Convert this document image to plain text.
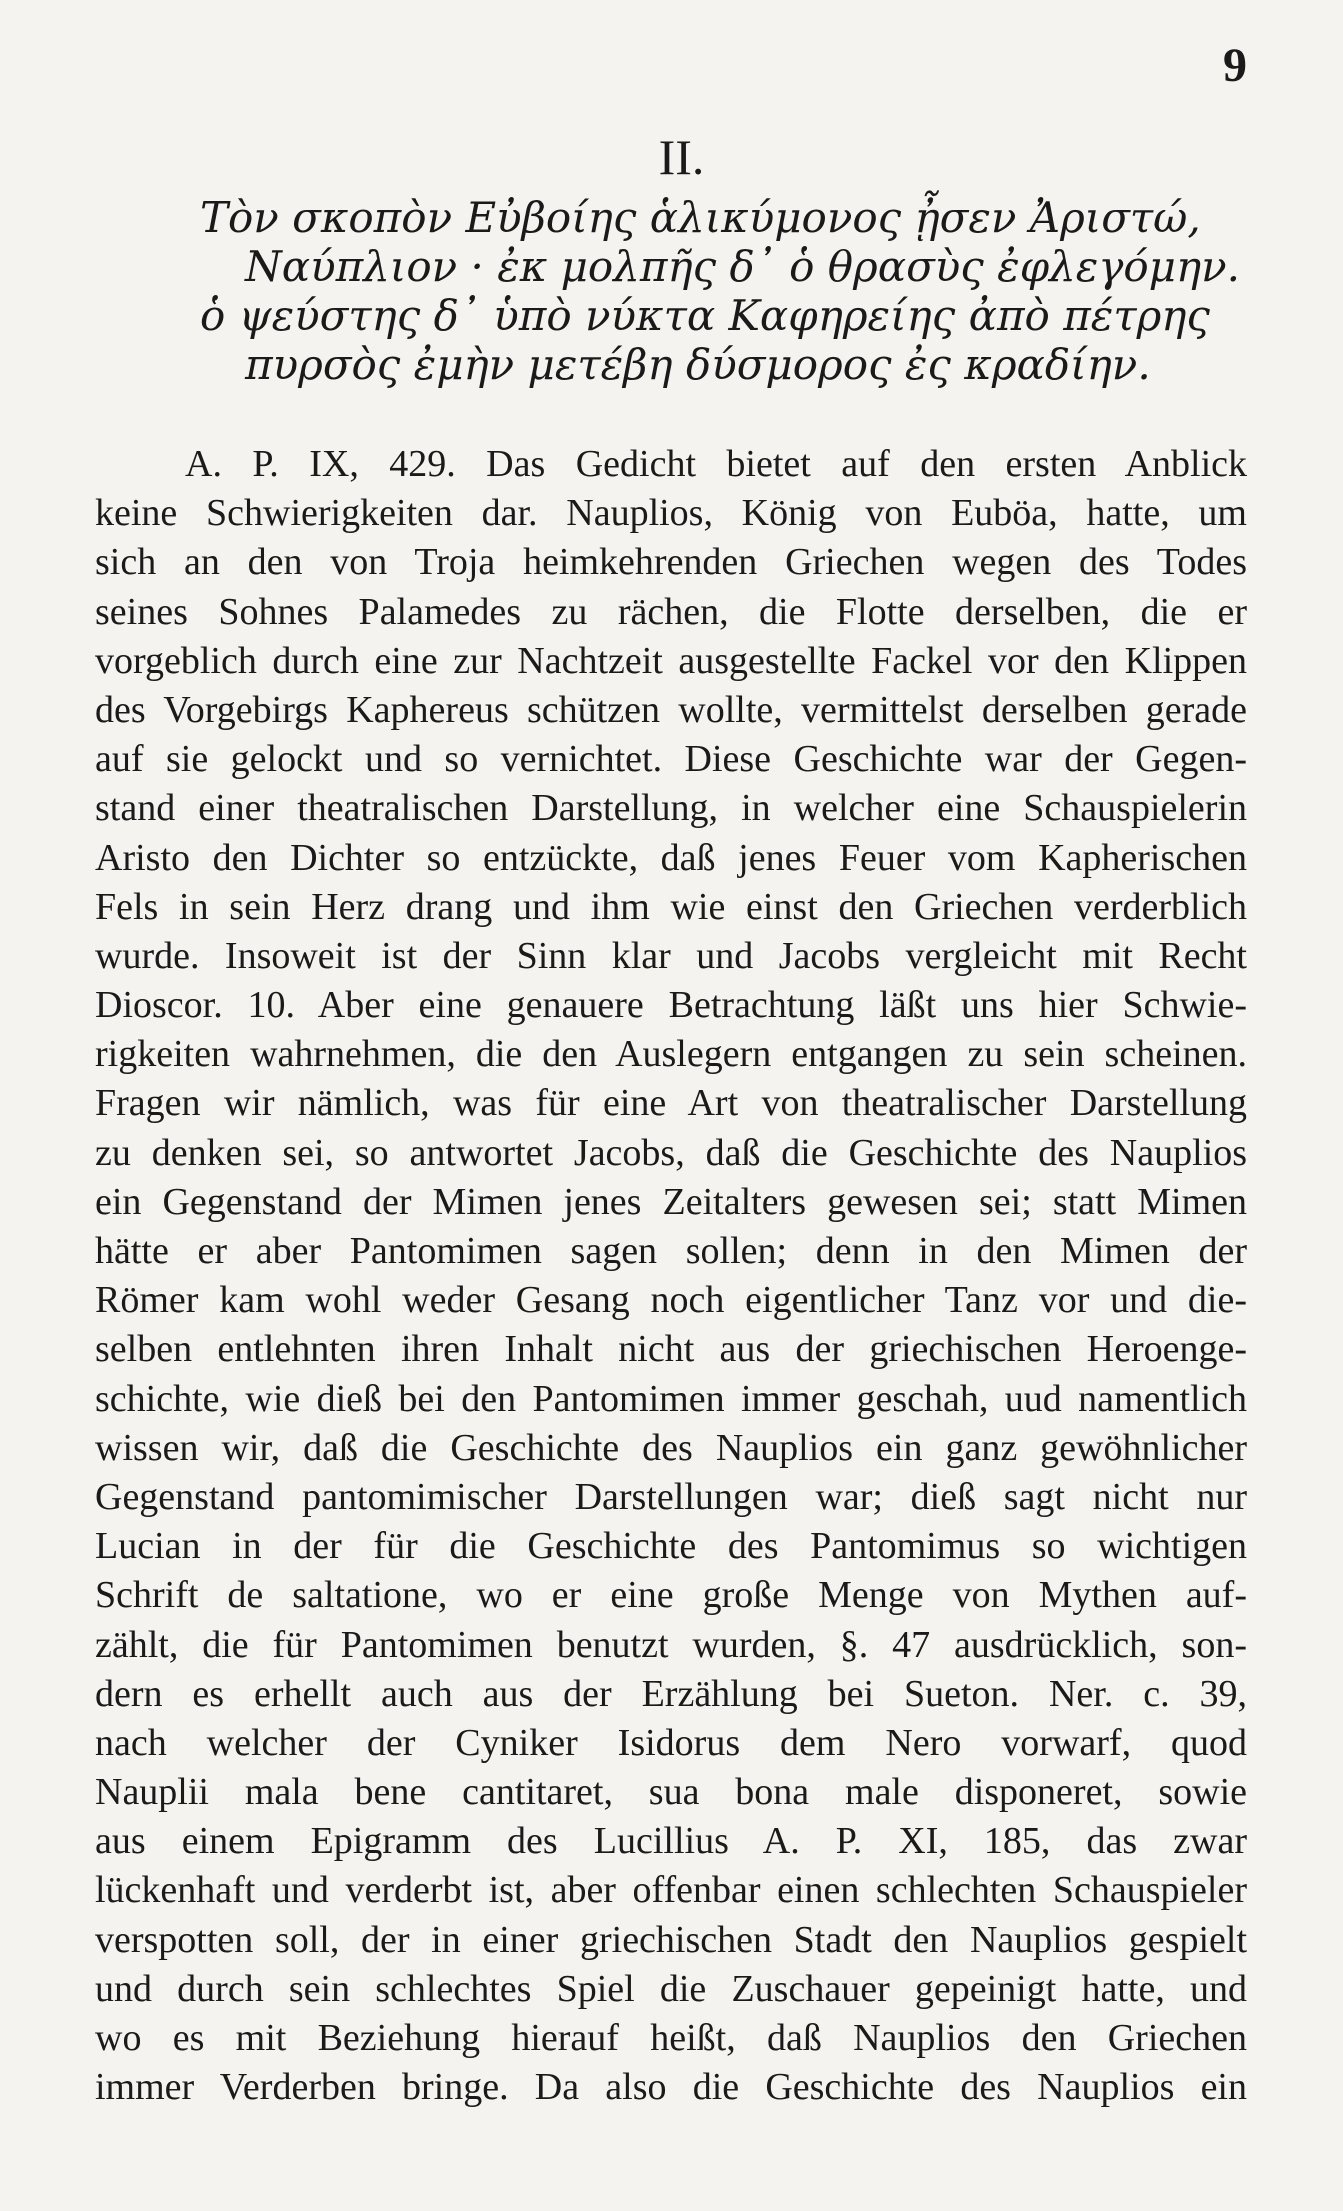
9
II.
Τὸν σκοπὸν Εὐβοίης ἁλικύμονος ᾖσεν Ἀριστώ,
Ναύπλιον · ἐκ μολπῆς δ᾽ ὁ θρασὺς ἐφλεγόμην.
ὁ ψεύστης δ᾽ ὑπὸ νύκτα Καφηρείης ἀπὸ πέτρης
πυρσὸς ἐμὴν μετέβη δύσμορος ἐς κραδίην.
A. P. IX, 429. Das Gedicht bietet auf den ersten Anblick
keine Schwierigkeiten dar. Nauplios, König von Euböa, hatte, um
sich an den von Troja heimkehrenden Griechen wegen des Todes
seines Sohnes Palamedes zu rächen, die Flotte derselben, die er
vorgeblich durch eine zur Nachtzeit ausgestellte Fackel vor den Klippen
des Vorgebirgs Kaphereus schützen wollte, vermittelst derselben gerade
auf sie gelockt und so vernichtet. Diese Geschichte war der Gegen-
stand einer theatralischen Darstellung, in welcher eine Schauspielerin
Aristo den Dichter so entzückte, daß jenes Feuer vom Kapherischen
Fels in sein Herz drang und ihm wie einst den Griechen verderblich
wurde. Insoweit ist der Sinn klar und Jacobs vergleicht mit Recht
Dioscor. 10. Aber eine genauere Betrachtung läßt uns hier Schwie-
rigkeiten wahrnehmen, die den Auslegern entgangen zu sein scheinen.
Fragen wir nämlich, was für eine Art von theatralischer Darstellung
zu denken sei, so antwortet Jacobs, daß die Geschichte des Nauplios
ein Gegenstand der Mimen jenes Zeitalters gewesen sei; statt Mimen
hätte er aber Pantomimen sagen sollen; denn in den Mimen der
Römer kam wohl weder Gesang noch eigentlicher Tanz vor und die-
selben entlehnten ihren Inhalt nicht aus der griechischen Heroenge-
schichte, wie dieß bei den Pantomimen immer geschah, uud namentlich
wissen wir, daß die Geschichte des Nauplios ein ganz gewöhnlicher
Gegenstand pantomimischer Darstellungen war; dieß sagt nicht nur
Lucian in der für die Geschichte des Pantomimus so wichtigen
Schrift de saltatione, wo er eine große Menge von Mythen auf-
zählt, die für Pantomimen benutzt wurden, §. 47 ausdrücklich, son-
dern es erhellt auch aus der Erzählung bei Sueton. Ner. c. 39,
nach welcher der Cyniker Isidorus dem Nero vorwarf, quod
Nauplii mala bene cantitaret, sua bona male disponeret, sowie
aus einem Epigramm des Lucillius A. P. XI, 185, das zwar
lückenhaft und verderbt ist, aber offenbar einen schlechten Schauspieler
verspotten soll, der in einer griechischen Stadt den Nauplios gespielt
und durch sein schlechtes Spiel die Zuschauer gepeinigt hatte, und
wo es mit Beziehung hierauf heißt, daß Nauplios den Griechen
immer Verderben bringe. Da also die Geschichte des Nauplios ein
